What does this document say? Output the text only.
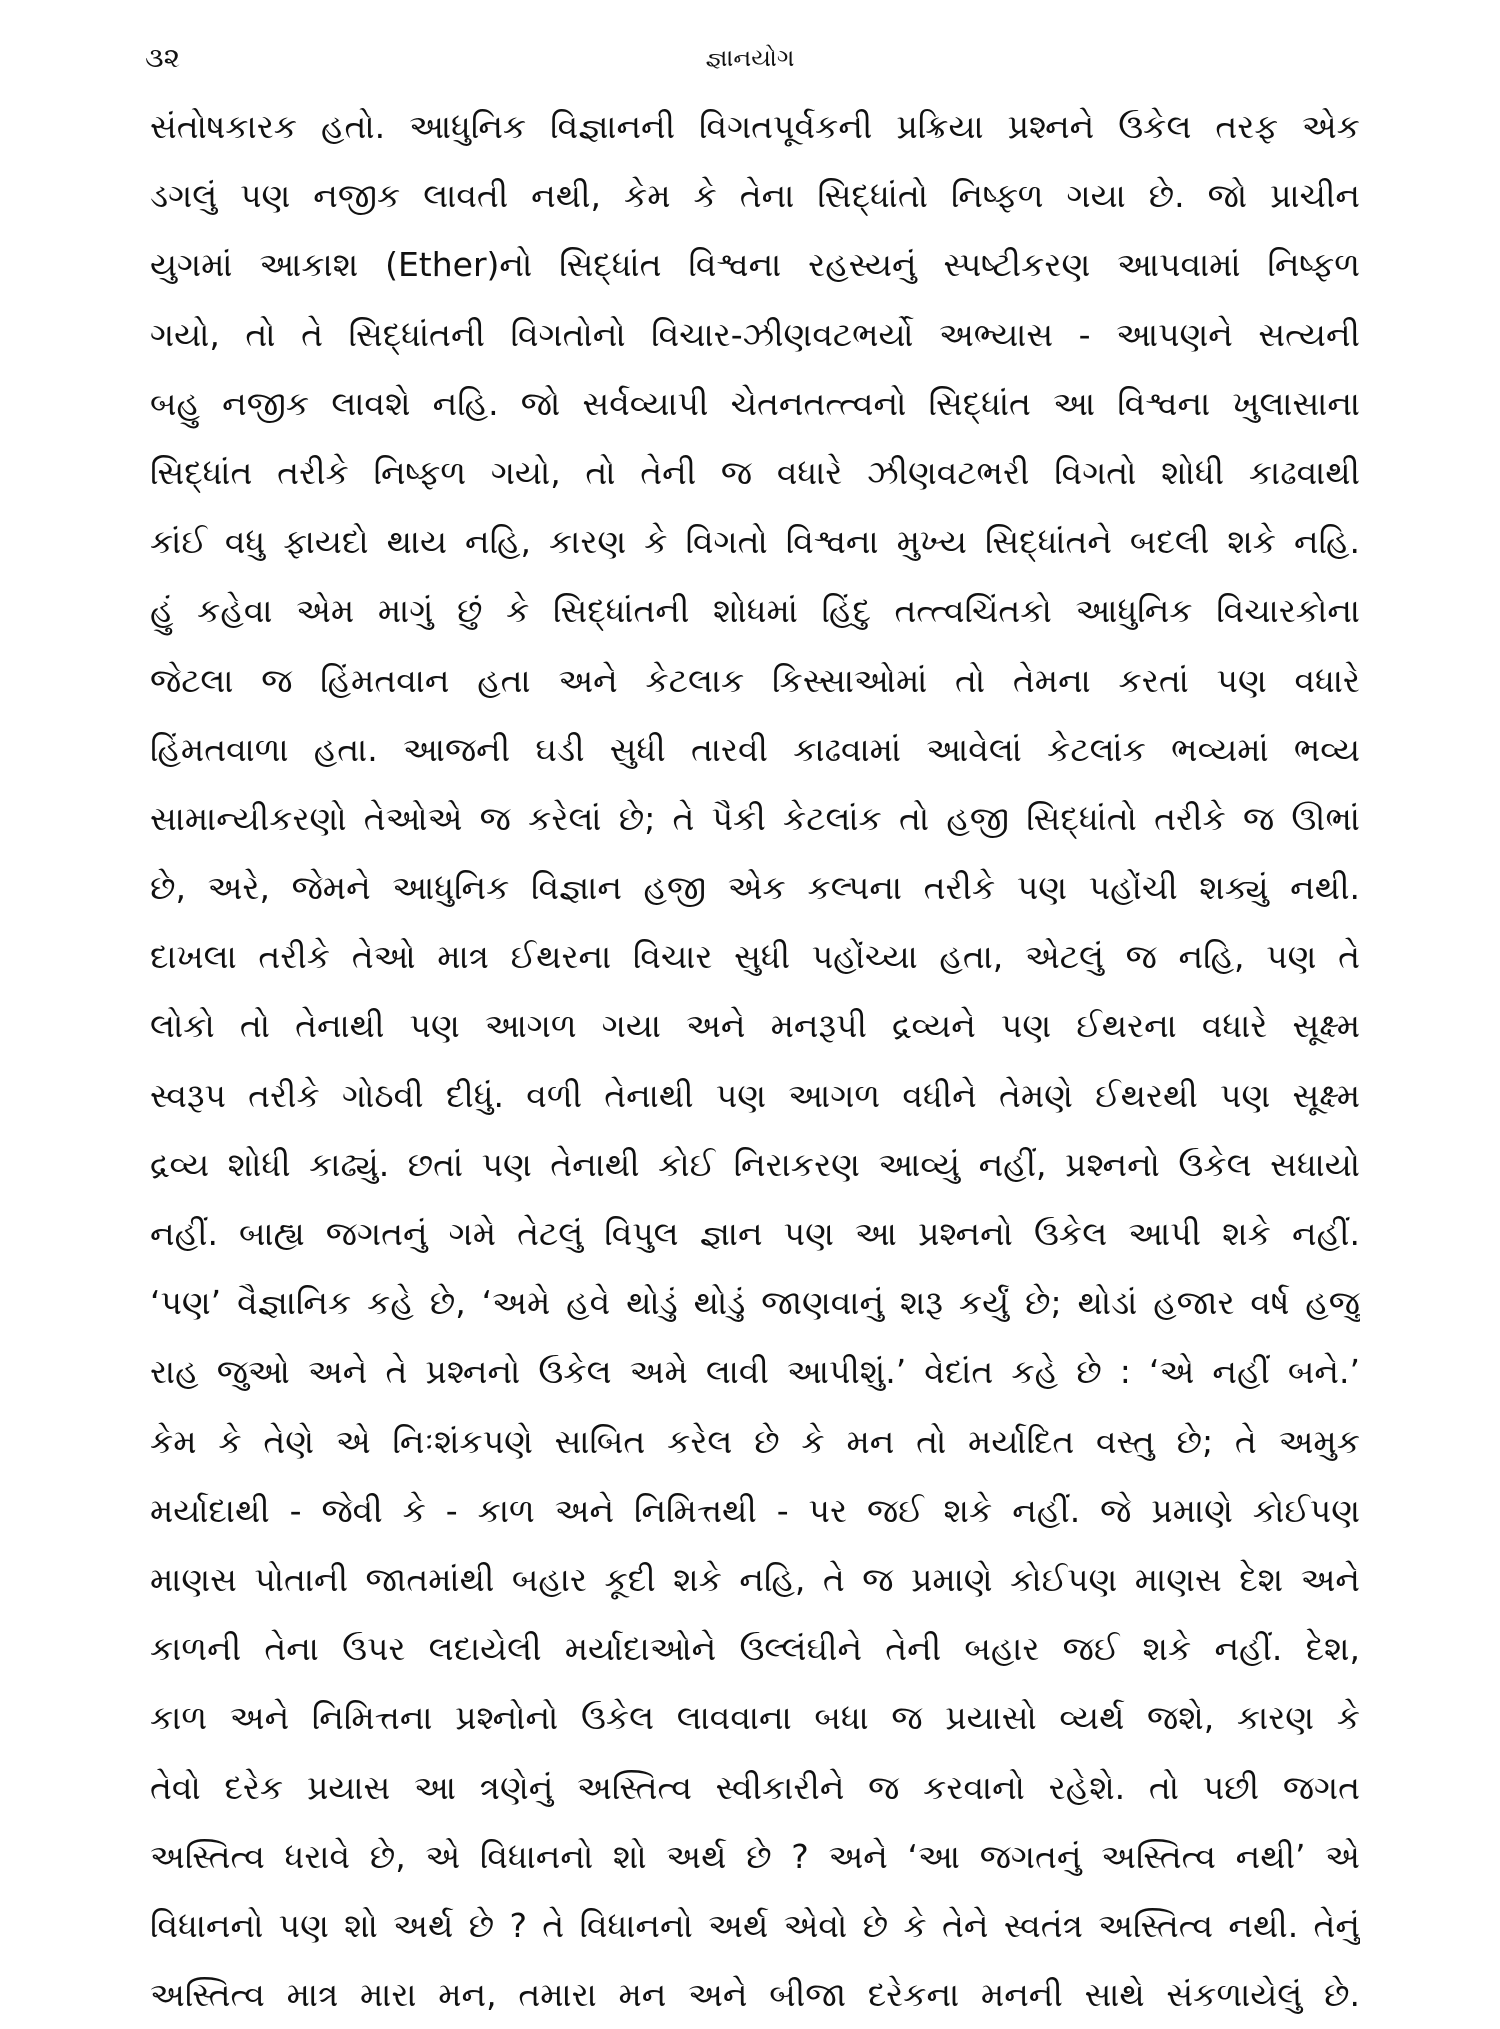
૩૨	જ્ઞાનયોગ
સંતોષકારક હતો. આધુનિક વિજ્ઞાનની વિગતપૂર્વકની પ્રક્રિયા પ્રશ્નને ઉકેલ તરફ એક
ડગલું પણ નજીક લાવતી નથી, કેમ કે તેના સિદ્ધાંતો નિષ્ફળ ગયા છે. જો પ્રાચીન
યુગમાં આકાશ (Ether)નો સિદ્ધાંત વિશ્વના રહસ્યનું સ્પષ્ટીકરણ આપવામાં નિષ્ફળ
ગયો, તો તે સિદ્ધાંતની વિગતોનો વિચાર-ઝીણવટભર્યો અભ્યાસ - આપણને સત્યની
બહુ નજીક લાવશે નહિ. જો સર્વવ્યાપી ચેતનતત્ત્વનો સિદ્ધાંત આ વિશ્વના ખુલાસાના
સિદ્ધાંત તરીકે નિષ્ફળ ગયો, તો તેની જ વધારે ઝીણવટભરી વિગતો શોધી કાઢવાથી
કાંઈ વધુ ફાયદો થાય નહિ, કારણ કે વિગતો વિશ્વના મુખ્ય સિદ્ધાંતને બદલી શકે નહિ.
હું કહેવા એમ માગું છું કે સિદ્ધાંતની શોધમાં હિંદુ તત્ત્વચિંતકો આધુનિક વિચારકોના
જેટલા જ હિંમતવાન હતા અને કેટલાક કિસ્સાઓમાં તો તેમના કરતાં પણ વધારે
હિંમતવાળા હતા. આજની ઘડી સુધી તારવી કાઢવામાં આવેલાં કેટલાંક ભવ્યમાં ભવ્ય
સામાન્યીકરણો તેઓએ જ કરેલાં છે; તે પૈકી કેટલાંક તો હજી સિદ્ધાંતો તરીકે જ ઊભાં
છે, અરે, જેમને આધુનિક વિજ્ઞાન હજી એક કલ્પના તરીકે પણ પહોંચી શક્યું નથી.
દાખલા તરીકે તેઓ માત્ર ઈથરના વિચાર સુધી પહોંચ્યા હતા, એટલું જ નહિ, પણ તે
લોકો તો તેનાથી પણ આગળ ગયા અને મનરૂપી દ્રવ્યને પણ ઈથરના વધારે સૂક્ષ્મ
સ્વરૂપ તરીકે ગોઠવી દીધું. વળી તેનાથી પણ આગળ વધીને તેમણે ઈથરથી પણ સૂક્ષ્મ
દ્રવ્ય શોધી કાઢ્યું. છતાં પણ તેનાથી કોઈ નિરાકરણ આવ્યું નહીં, પ્રશ્નનો ઉકેલ સધાયો
નહીં. બાહ્ય જગતનું ગમે તેટલું વિપુલ જ્ઞાન પણ આ પ્રશ્નનો ઉકેલ આપી શકે નહીં.
‘પણ’ વૈજ્ઞાનિક કહે છે, ‘અમે હવે થોડું થોડું જાણવાનું શરૂ કર્યું છે; થોડાં હજાર વર્ષ હજુ
રાહ જુઓ અને તે પ્રશ્નનો ઉકેલ અમે લાવી આપીશું.’ વેદાંત કહે છે : ‘એ નહીં બને.’
કેમ કે તેણે એ નિઃશંકપણે સાબિત કરેલ છે કે મન તો મર્યાદિત વસ્તુ છે; તે અમુક
મર્યાદાથી - જેવી કે - કાળ અને નિમિત્તથી - પર જઈ શકે નહીં. જે પ્રમાણે કોઈપણ
માણસ પોતાની જાતમાંથી બહાર કૂદી શકે નહિ, તે જ પ્રમાણે કોઈપણ માણસ દેશ અને
કાળની તેના ઉપર લદાયેલી મર્યાદાઓને ઉલ્લંઘીને તેની બહાર જઈ શકે નહીં. દેશ,
કાળ અને નિમિત્તના પ્રશ્નોનો ઉકેલ લાવવાના બધા જ પ્રયાસો વ્યર્થ જશે, કારણ કે
તેવો દરેક પ્રયાસ આ ત્રણેનું અસ્તિત્વ સ્વીકારીને જ કરવાનો રહેશે. તો પછી જગત
અસ્તિત્વ ધરાવે છે, એ વિધાનનો શો અર્થ છે ? અને ‘આ જગતનું અસ્તિત્વ નથી’ એ
વિધાનનો પણ શો અર્થ છે ? તે વિધાનનો અર્થ એવો છે કે તેને સ્વતંત્ર અસ્તિત્વ નથી. તેનું
અસ્તિત્વ માત્ર મારા મન, તમારા મન અને બીજા દરેકના મનની સાથે સંકળાયેલું છે.
